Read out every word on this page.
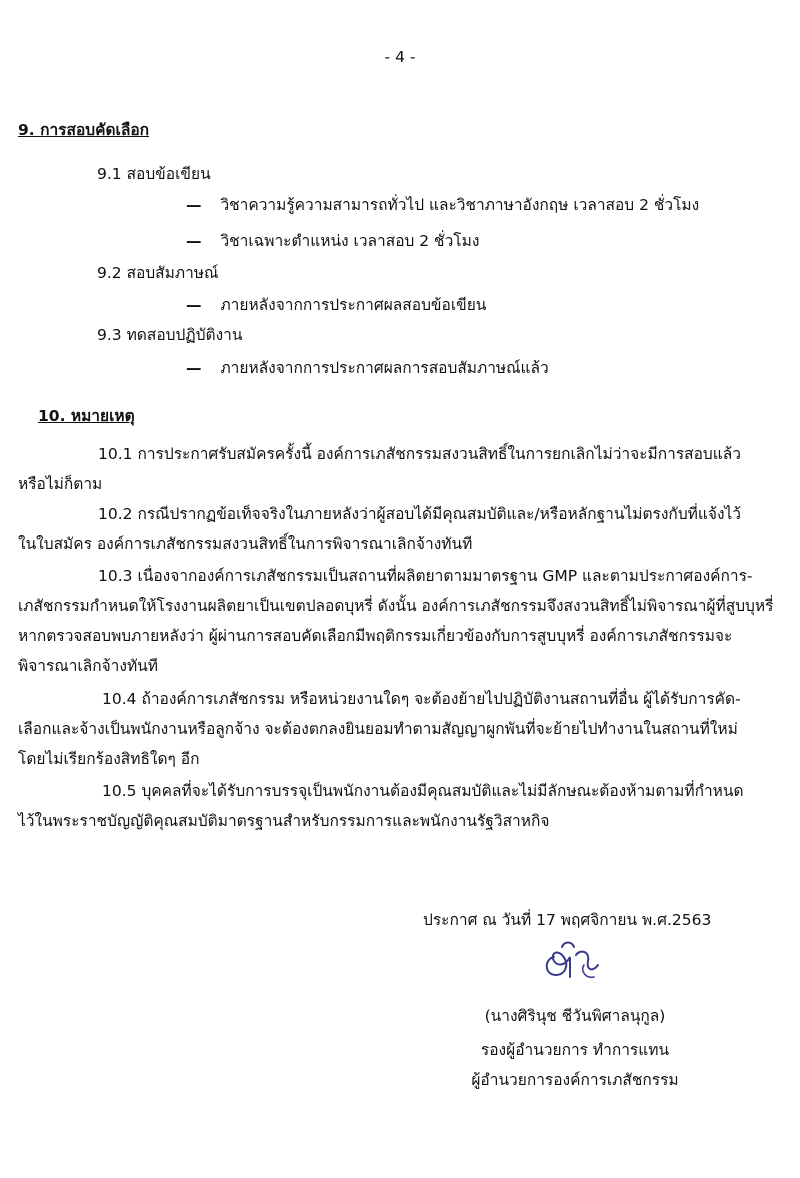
- 4 -
9. การสอบคัดเลือก
9.1 สอบข้อเขียน
— วิชาความรู้ความสามารถทั่วไป และวิชาภาษาอังกฤษ เวลาสอบ 2 ชั่วโมง
— วิชาเฉพาะตำแหน่ง เวลาสอบ 2 ชั่วโมง
9.2 สอบสัมภาษณ์
— ภายหลังจากการประกาศผลสอบข้อเขียน
9.3 ทดสอบปฏิบัติงาน
— ภายหลังจากการประกาศผลการสอบสัมภาษณ์แล้ว
10. หมายเหตุ
10.1 การประกาศรับสมัครครั้งนี้ องค์การเภสัชกรรมสงวนสิทธิ์ในการยกเลิกไม่ว่าจะมีการสอบแล้ว
หรือไม่ก็ตาม
10.2 กรณีปรากฏข้อเท็จจริงในภายหลังว่าผู้สอบได้มีคุณสมบัติและ/หรือหลักฐานไม่ตรงกับที่แจ้งไว้
ในใบสมัคร องค์การเภสัชกรรมสงวนสิทธิ์ในการพิจารณาเลิกจ้างทันที
10.3 เนื่องจากองค์การเภสัชกรรมเป็นสถานที่ผลิตยาตามมาตรฐาน GMP และตามประกาศองค์การ-
เภสัชกรรมกำหนดให้โรงงานผลิตยาเป็นเขตปลอดบุหรี่ ดังนั้น องค์การเภสัชกรรมจึงสงวนสิทธิ์ไม่พิจารณาผู้ที่สูบบุหรี่
หากตรวจสอบพบภายหลังว่า ผู้ผ่านการสอบคัดเลือกมีพฤติกรรมเกี่ยวข้องกับการสูบบุหรี่ องค์การเภสัชกรรมจะ
พิจารณาเลิกจ้างทันที
10.4 ถ้าองค์การเภสัชกรรม หรือหน่วยงานใดๆ จะต้องย้ายไปปฏิบัติงานสถานที่อื่น ผู้ได้รับการคัด-
เลือกและจ้างเป็นพนักงานหรือลูกจ้าง จะต้องตกลงยินยอมทำตามสัญญาผูกพันที่จะย้ายไปทำงานในสถานที่ใหม่
โดยไม่เรียกร้องสิทธิใดๆ อีก
10.5 บุคคลที่จะได้รับการบรรจุเป็นพนักงานต้องมีคุณสมบัติและไม่มีลักษณะต้องห้ามตามที่กำหนด
ไว้ในพระราชบัญญัติคุณสมบัติมาตรฐานสำหรับกรรมการและพนักงานรัฐวิสาหกิจ
ประกาศ ณ วันที่ 17 พฤศจิกายน พ.ศ.2563
(นางศิรินุช ชีวันพิศาลนุกูล)
รองผู้อำนวยการ ทำการแทน
ผู้อำนวยการองค์การเภสัชกรรม
